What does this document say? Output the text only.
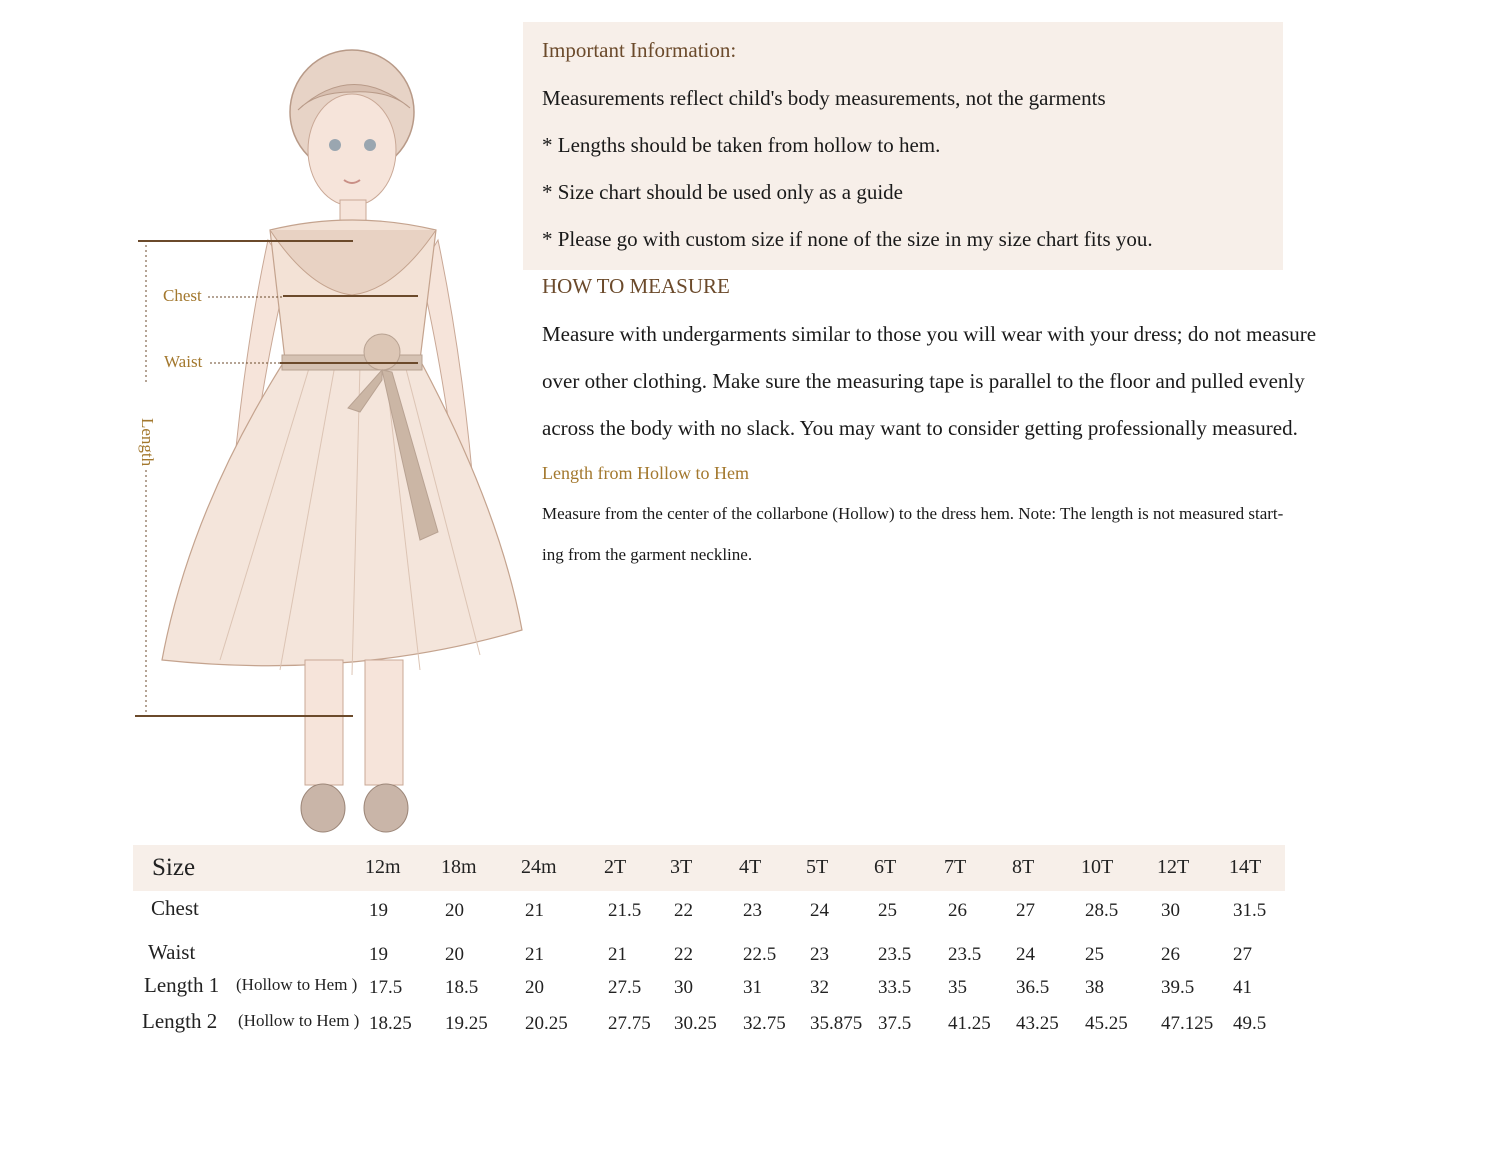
Important Information:
Measurements reflect child's body measurements, not the garments
* Lengths should be taken from hollow to hem.
* Size chart should be used only as a guide
* Please go with custom size if none of the size in my size chart fits you.
HOW TO MEASURE
Measure with undergarments similar to those you will wear with your dress; do not measure
over other clothing. Make sure the measuring tape is parallel to the floor and pulled evenly
across the body with no slack. You may want to consider getting professionally measured.
Length from Hollow to Hem
Measure from the center of the collarbone (Hollow) to the dress hem. Note: The length is not measured start-
ing from the garment neckline.
Chest
Waist
Length
Size	12m 18m 24m 2T 3T 4T 5T 6T 7T 8T 10T 12T 14T
Chest	19	20	21	21.5 22	23	24	25	26	27	28.5 30	31.5
Waist	19	20	21	21 22	22.5 23	23.5 23.5 24	25	26	27
Length 1 (Hollow to Hem ) 17.5 18.5 20	27.5 30	31	32	33.5 35	36.5 38	39.5 41
Length 2 (Hollow to Hem ) 18.25 19.25 20.25 27.75 30.25 32.75 35.875 37.5 41.25 43.25 45.25 47.125 49.5
